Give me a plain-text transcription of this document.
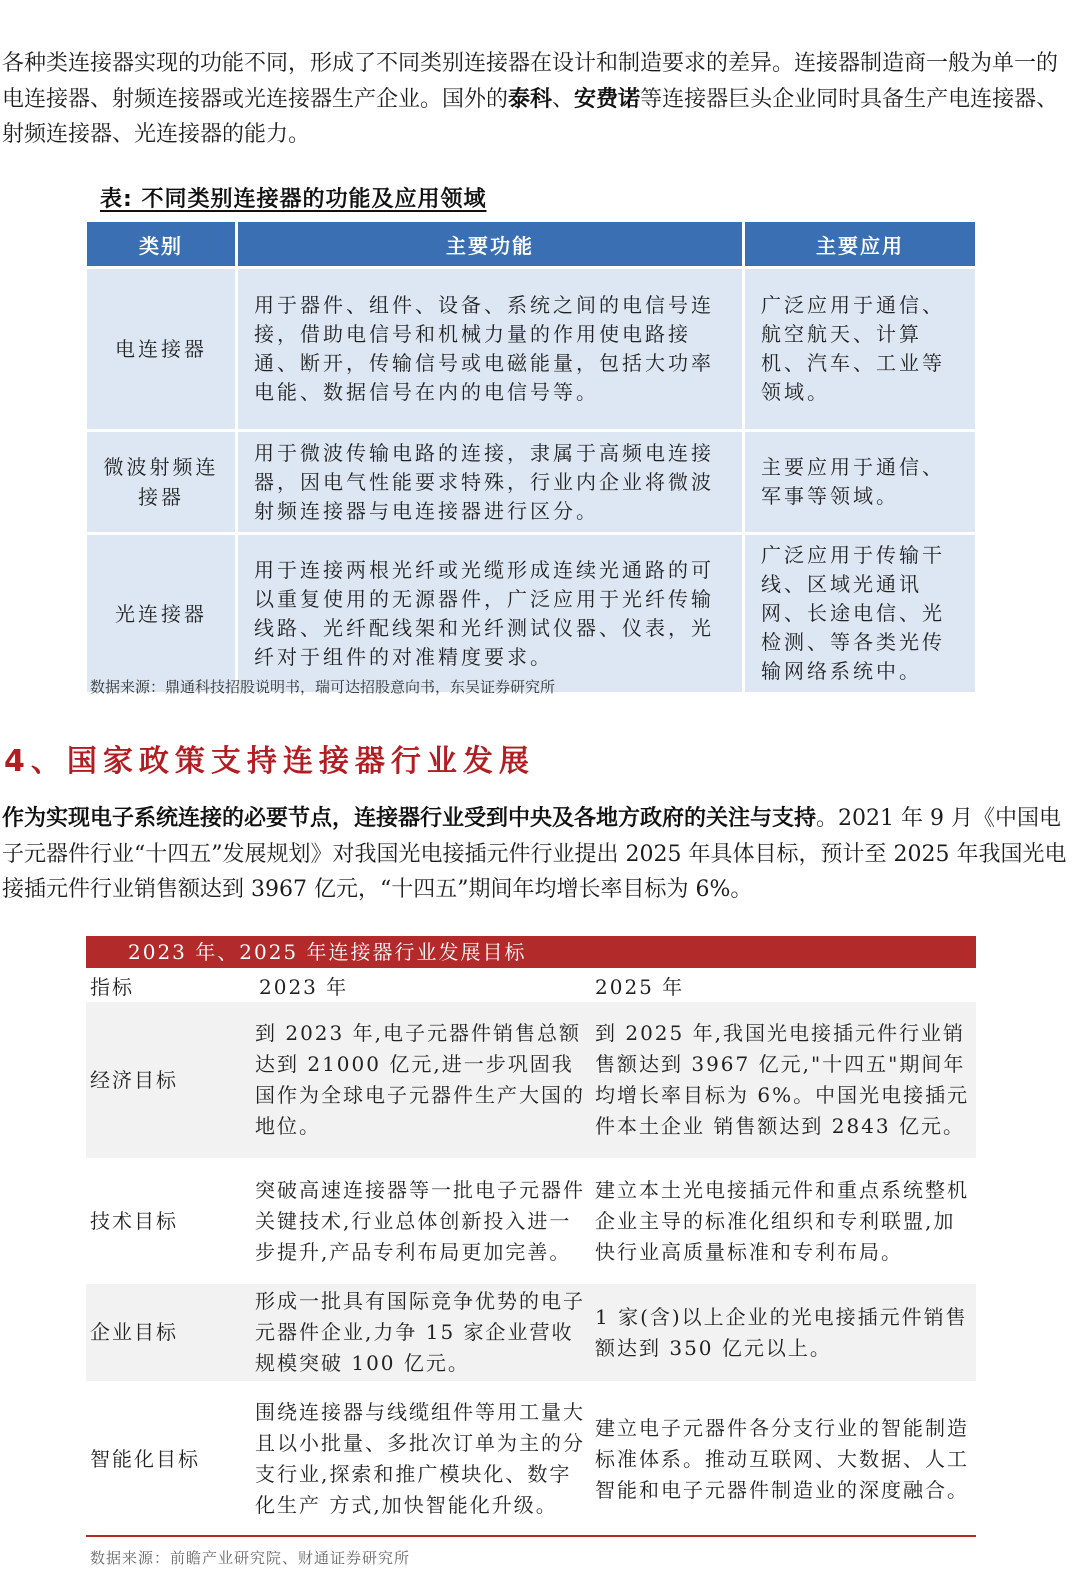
各种类连接器实现的功能不同，形成了不同类别连接器在设计和制造要求的差异。连接器制造商一般为单一的电连接器、射频连接器或光连接器生产企业。国外的泰科、安费诺等连接器巨头企业同时具备生产电连接器、射频连接器、光连接器的能力。

表: 不同类别连接器的功能及应用领域
类别	主要功能	主要应用
电连接器	用于器件、组件、设备、系统之间的电信号连接，借助电信号和机械力量的作用使电路接通、断开，传输信号或电磁能量，包括大功率电能、数据信号在内的电信号等。	广泛应用于通信、航空航天、计算机、汽车、工业等领域。
微波射频连接器	用于微波传输电路的连接，隶属于高频电连接器，因电气性能要求特殊，行业内企业将微波射频连接器与电连接器进行区分。	主要应用于通信、军事等领域。
光连接器	用于连接两根光纤或光缆形成连续光通路的可以重复使用的无源器件，广泛应用于光纤传输线路、光纤配线架和光纤测试仪器、仪表，光纤对于组件的对准精度要求。	广泛应用于传输干线、区域光通讯网、长途电信、光检测、等各类光传输网络系统中。
数据来源：鼎通科技招股说明书，瑞可达招股意向书，东吴证券研究所
4、国家政策支持连接器行业发展

作为实现电子系统连接的必要节点，连接器行业受到中央及各地方政府的关注与支持。2021 年 9 月《中国电子元器件行业“十四五”发展规划》对我国光电接插元件行业提出 2025 年具体目标，预计至 2025 年我国光电接插元件行业销售额达到 3967 亿元，“十四五”期间年均增长率目标为 6%。

2023 年、2025 年连接器行业发展目标
指标	2023 年	2025 年
经济目标	到 2023 年,电子元器件销售总额达到 21000 亿元,进一步巩固我国作为全球电子元器件生产大国的地位。	到 2025 年,我国光电接插元件行业销售额达到 3967 亿元,"十四五"期间年均增长率目标为 6%。中国光电接插元件本土企业 销售额达到 2843 亿元。
技术目标	突破高速连接器等一批电子元器件关键技术,行业总体创新投入进一步提升,产品专利布局更加完善。	建立本土光电接插元件和重点系统整机企业主导的标准化组织和专利联盟,加快行业高质量标准和专利布局。
企业目标	形成一批具有国际竞争优势的电子元器件企业,力争 15 家企业营收规模突破 100 亿元。	1 家(含)以上企业的光电接插元件销售额达到 350 亿元以上。
智能化目标	围绕连接器与线缆组件等用工量大且以小批量、多批次订单为主的分支行业,探索和推广模块化、数字化生产 方式,加快智能化升级。	建立电子元器件各分支行业的智能制造标准体系。推动互联网、大数据、人工智能和电子元器件制造业的深度融合。
数据来源：前瞻产业研究院、财通证券研究所
